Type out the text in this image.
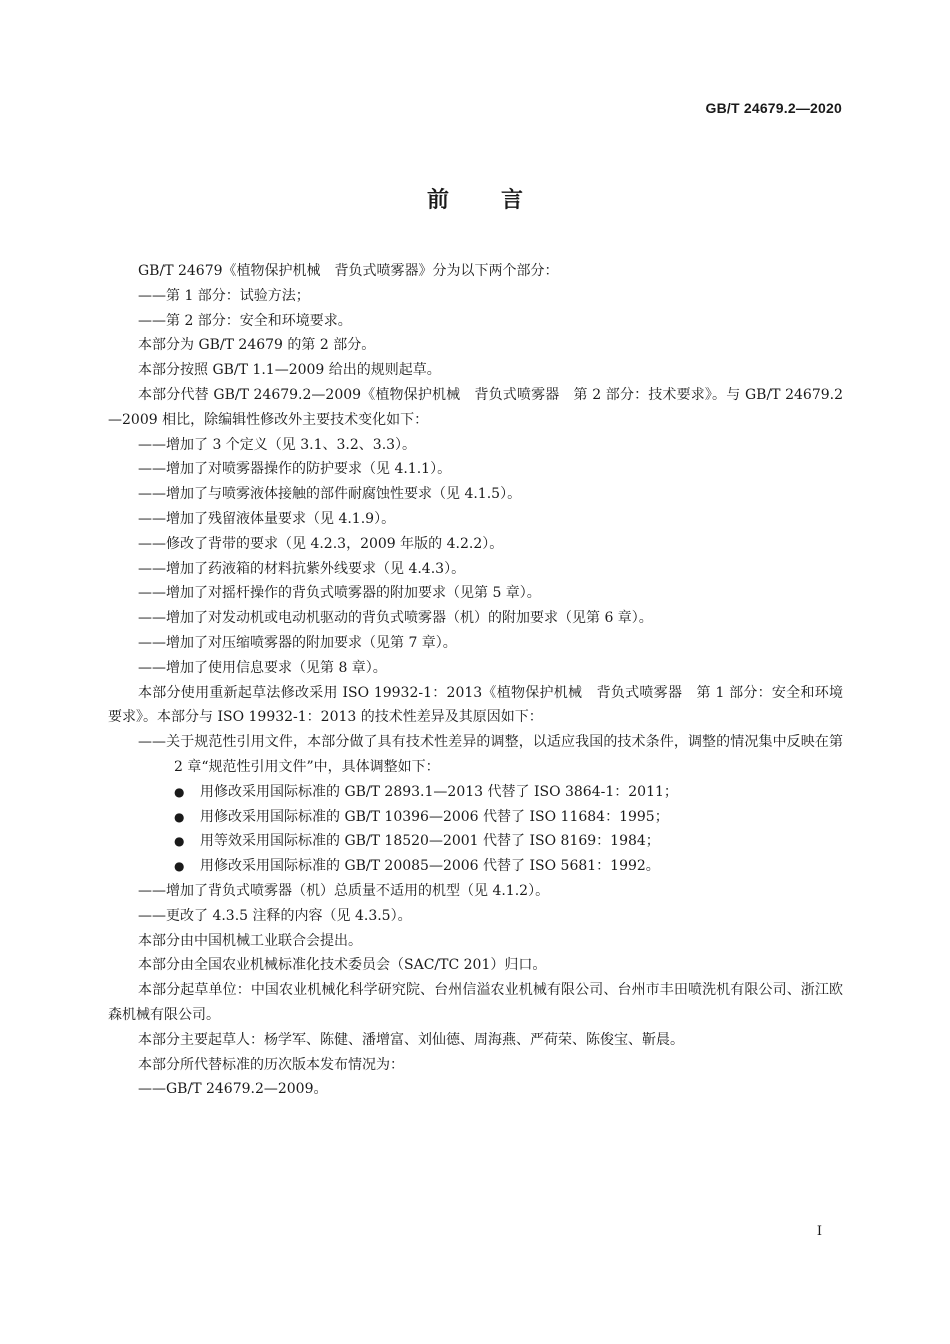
GB/T 24679.2—2020
前言

GB/T 24679《植物保护机械　背负式喷雾器》分为以下两个部分：

——第 1 部分：试验方法；

——第 2 部分：安全和环境要求。

本部分为 GB/T 24679 的第 2 部分。

本部分按照 GB/T 1.1—2009 给出的规则起草。

本部分代替 GB/T 24679.2—2009《植物保护机械　背负式喷雾器　第 2 部分：技术要求》。与 GB/T 24679.2—2009 相比，除编辑性修改外主要技术变化如下：

——增加了 3 个定义（见 3.1、3.2、3.3）。

——增加了对喷雾器操作的防护要求（见 4.1.1）。

——增加了与喷雾液体接触的部件耐腐蚀性要求（见 4.1.5）。

——增加了残留液体量要求（见 4.1.9）。

——修改了背带的要求（见 4.2.3，2009 年版的 4.2.2）。

——增加了药液箱的材料抗紫外线要求（见 4.4.3）。

——增加了对摇杆操作的背负式喷雾器的附加要求（见第 5 章）。

——增加了对发动机或电动机驱动的背负式喷雾器（机）的附加要求（见第 6 章）。

——增加了对压缩喷雾器的附加要求（见第 7 章）。

——增加了使用信息要求（见第 8 章）。

本部分使用重新起草法修改采用 ISO 19932-1：2013《植物保护机械　背负式喷雾器　第 1 部分：安全和环境要求》。本部分与 ISO 19932-1：2013 的技术性差异及其原因如下：

——关于规范性引用文件，本部分做了具有技术性差异的调整，以适应我国的技术条件，调整的情况集中反映在第 2 章“规范性引用文件”中，具体调整如下：

● 用修改采用国际标准的 GB/T 2893.1—2013 代替了 ISO 3864-1：2011；

● 用修改采用国际标准的 GB/T 10396—2006 代替了 ISO 11684：1995；

● 用等效采用国际标准的 GB/T 18520—2001 代替了 ISO 8169：1984；

● 用修改采用国际标准的 GB/T 20085—2006 代替了 ISO 5681：1992。

——增加了背负式喷雾器（机）总质量不适用的机型（见 4.1.2）。

——更改了 4.3.5 注释的内容（见 4.3.5）。

本部分由中国机械工业联合会提出。

本部分由全国农业机械标准化技术委员会（SAC/TC 201）归口。

本部分起草单位：中国农业机械化科学研究院、台州信溢农业机械有限公司、台州市丰田喷洗机有限公司、浙江欧森机械有限公司。

本部分主要起草人：杨学军、陈健、潘增富、刘仙德、周海燕、严荷荣、陈俊宝、靳晨。

本部分所代替标准的历次版本发布情况为：

——GB/T 24679.2—2009。

I
